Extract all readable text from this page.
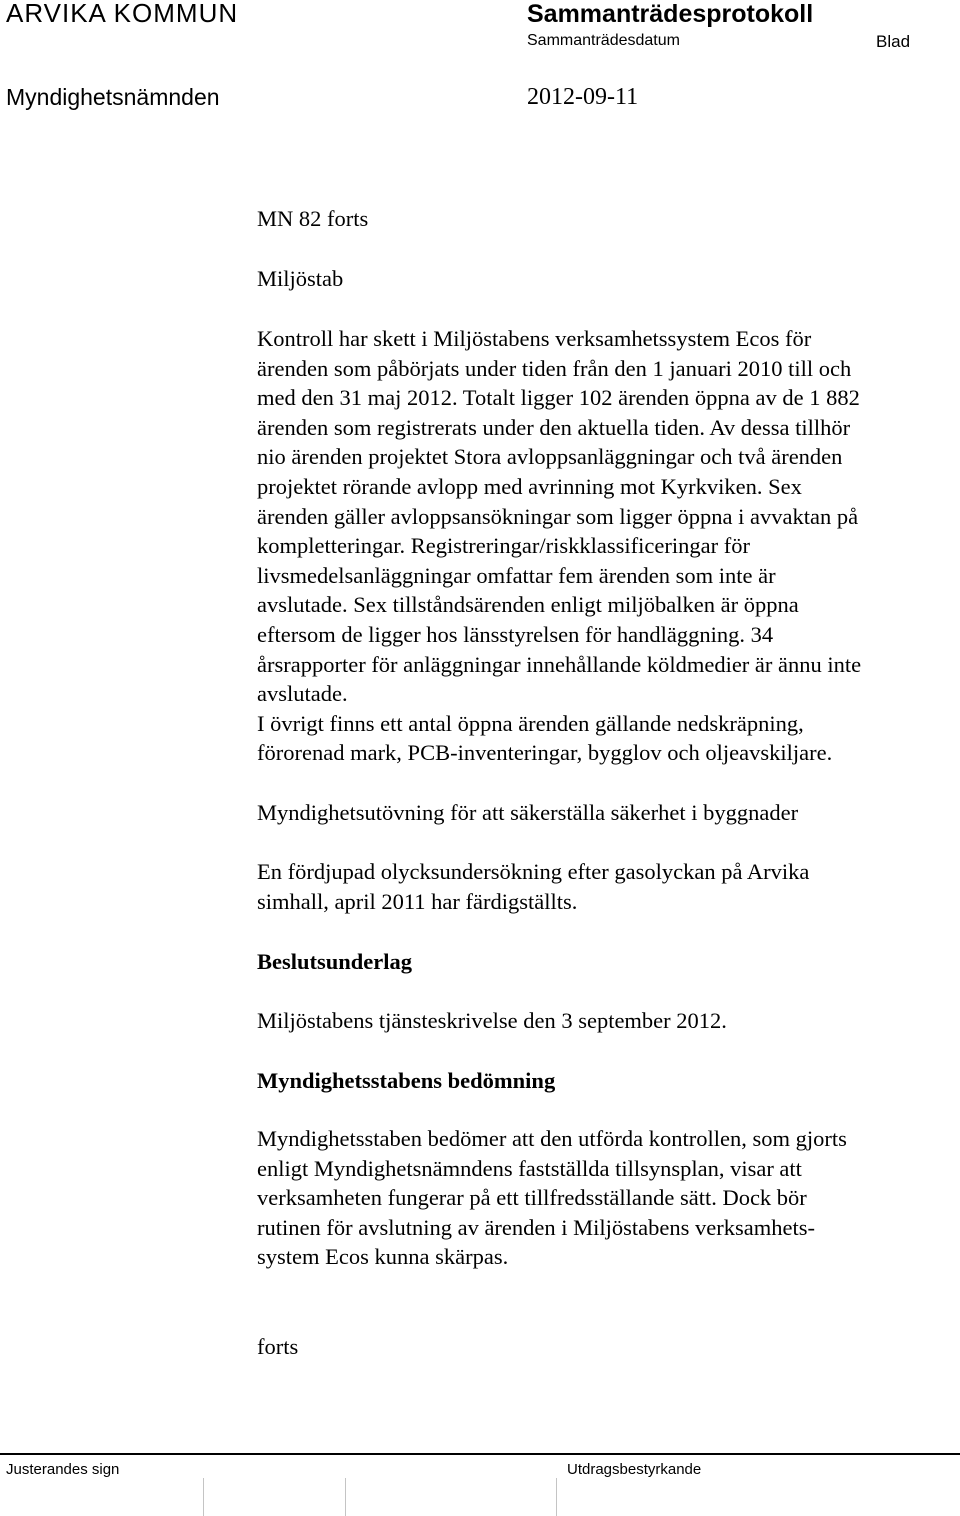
ARVIKA KOMMUN	Sammanträdesprotokoll
Sammanträdesdatum	Blad
Myndighetsnämnden	2012-09-11
MN 82 forts
Miljöstab
Kontroll har skett i Miljöstabens verksamhetssystem Ecos för
ärenden som påbörjats under tiden från den 1 januari 2010 till och
med den 31 maj 2012. Totalt ligger 102 ärenden öppna av de 1 882
ärenden som registrerats under den aktuella tiden. Av dessa tillhör
nio ärenden projektet Stora avloppsanläggningar och två ärenden
projektet rörande avlopp med avrinning mot Kyrkviken. Sex
ärenden gäller avloppsansökningar som ligger öppna i avvaktan på
kompletteringar. Registreringar/riskklassificeringar för
livsmedelsanläggningar omfattar fem ärenden som inte är
avslutade. Sex tillståndsärenden enligt miljöbalken är öppna
eftersom de ligger hos länsstyrelsen för handläggning. 34
årsrapporter för anläggningar innehållande köldmedier är ännu inte
avslutade.
I övrigt finns ett antal öppna ärenden gällande nedskräpning,
förorenad mark, PCB-inventeringar, bygglov och oljeavskiljare.
Myndighetsutövning för att säkerställa säkerhet i byggnader
En fördjupad olycksundersökning efter gasolyckan på Arvika
simhall, april 2011 har färdigställts.
Beslutsunderlag
Miljöstabens tjänsteskrivelse den 3 september 2012.
Myndighetsstabens bedömning
Myndighetsstaben bedömer att den utförda kontrollen, som gjorts
enligt Myndighetsnämndens fastställda tillsynsplan, visar att
verksamheten fungerar på ett tillfredsställande sätt. Dock bör
rutinen för avslutning av ärenden i Miljöstabens verksamhets-
system Ecos kunna skärpas.
forts
Justerandes sign	Utdragsbestyrkande
